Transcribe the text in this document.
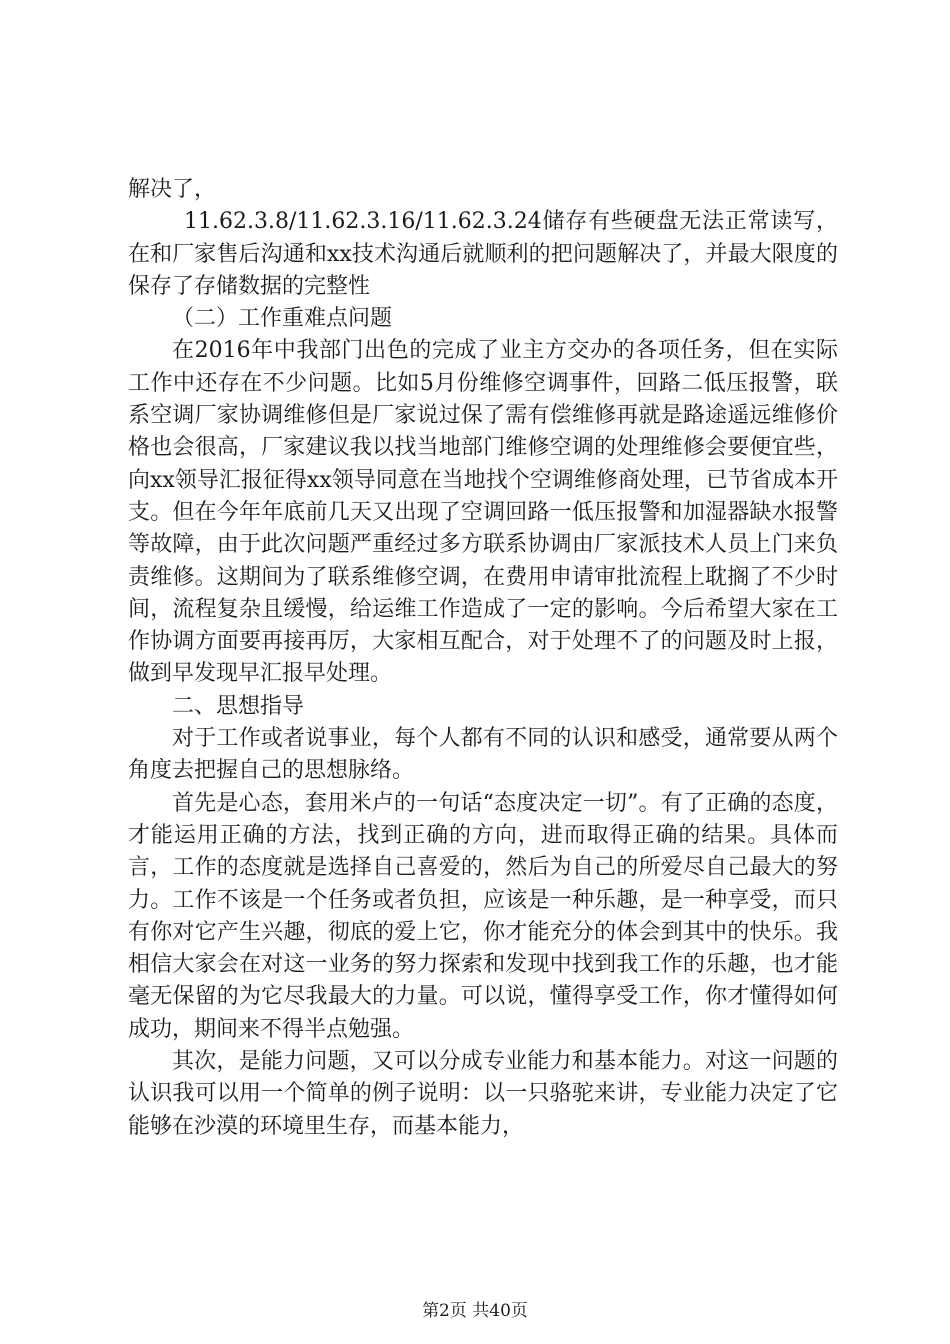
解决了，

11.62.3.8/11.62.3.16/11.62.3.24储存有些硬盘无法正常读写，在和厂家售后沟通和xx技术沟通后就顺利的把问题解决了，并最大限度的保存了存储数据的完整性

（二）工作重难点问题

在2016年中我部门出色的完成了业主方交办的各项任务，但在实际工作中还存在不少问题。比如5月份维修空调事件，回路二低压报警，联系空调厂家协调维修但是厂家说过保了需有偿维修再就是路途遥远维修价格也会很高，厂家建议我以找当地部门维修空调的处理维修会要便宜些，向xx领导汇报征得xx领导同意在当地找个空调维修商处理，已节省成本开支。但在今年年底前几天又出现了空调回路一低压报警和加湿器缺水报警等故障，由于此次问题严重经过多方联系协调由厂家派技术人员上门来负责维修。这期间为了联系维修空调，在费用申请审批流程上耽搁了不少时间，流程复杂且缓慢，给运维工作造成了一定的影响。今后希望大家在工作协调方面要再接再厉，大家相互配合，对于处理不了的问题及时上报，做到早发现早汇报早处理。

二、思想指导

对于工作或者说事业，每个人都有不同的认识和感受，通常要从两个角度去把握自己的思想脉络。

首先是心态，套用米卢的一句话“态度决定一切”。有了正确的态度，才能运用正确的方法，找到正确的方向，进而取得正确的结果。具体而言，工作的态度就是选择自己喜爱的，然后为自己的所爱尽自己最大的努力。工作不该是一个任务或者负担，应该是一种乐趣，是一种享受，而只有你对它产生兴趣，彻底的爱上它，你才能充分的体会到其中的快乐。我相信大家会在对这一业务的努力探索和发现中找到我工作的乐趣，也才能毫无保留的为它尽我最大的力量。可以说，懂得享受工作，你才懂得如何成功，期间来不得半点勉强。

其次，是能力问题，又可以分成专业能力和基本能力。对这一问题的认识我可以用一个简单的例子说明：以一只骆驼来讲，专业能力决定了它能够在沙漠的环境里生存，而基本能力，

第2页 共40页
